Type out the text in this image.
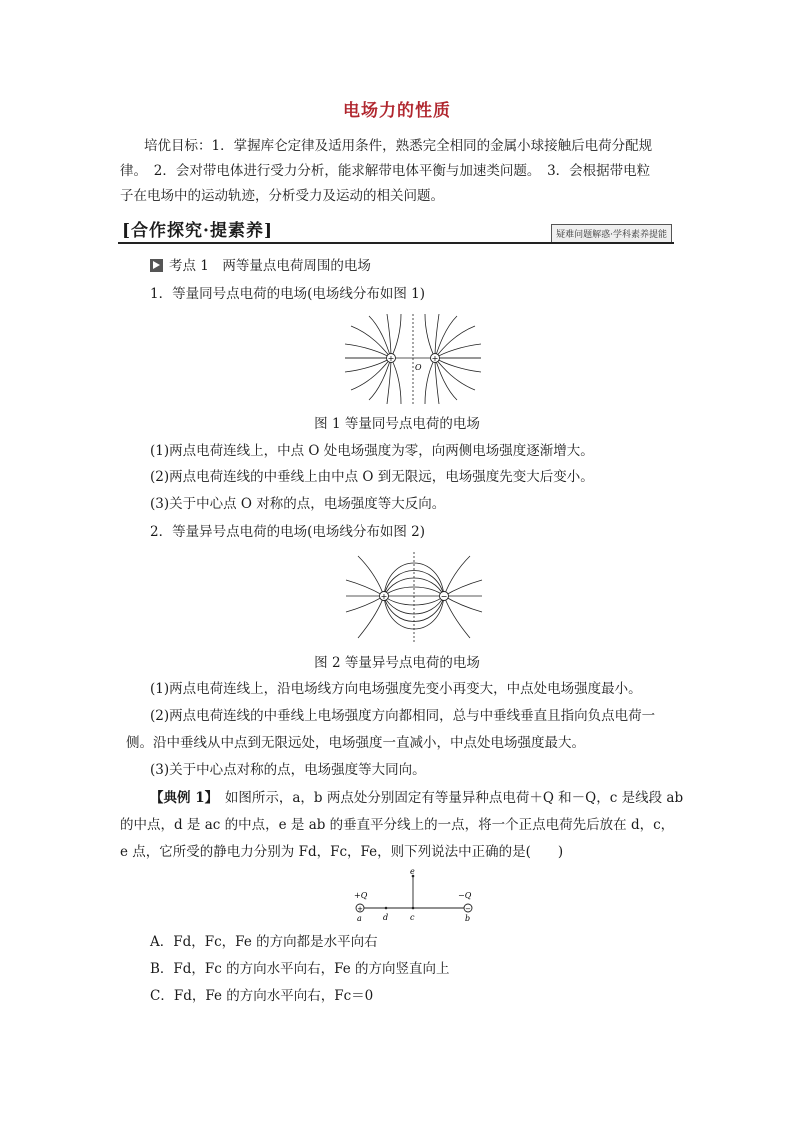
电场力的性质
培优目标：1．掌握库仑定律及适用条件，熟悉完全相同的金属小球接触后电荷分配规
律。　2．会对带电体进行受力分析，能求解带电体平衡与加速类问题。　3．会根据带电粒
子在电场中的运动轨迹，分析受力及运动的相关问题。
[合作探究·提素养]	疑难问题解惑·学科素养提能
考点 1　两等量点电荷周围的电场
1．等量同号点电荷的电场(电场线分布如图 1)
+	+
O
图 1 等量同号点电荷的电场
(1)两点电荷连线上，中点 O 处电场强度为零，向两侧电场强度逐渐增大。
(2)两点电荷连线的中垂线上由中点 O 到无限远，电场强度先变大后变小。
(3)关于中心点 O 对称的点，电场强度等大反向。
2．等量异号点电荷的电场(电场线分布如图 2)
+	−
图 2 等量异号点电荷的电场
(1)两点电荷连线上，沿电场线方向电场强度先变小再变大，中点处电场强度最小。
(2)两点电荷连线的中垂线上电场强度方向都相同，总与中垂线垂直且指向负点电荷一
侧。沿中垂线从中点到无限远处，电场强度一直减小，中点处电场强度最大。
(3)关于中心点对称的点，电场强度等大同向。
【典例 1】　如图所示，a，b 两点处分别固定有等量异种点电荷＋Q 和－Q，c 是线段 ab
的中点，d 是 ac 的中点，e 是 ab 的垂直平分线上的一点，将一个正点电荷先后放在 d，c，
e 点，它所受的静电力分别为 Fd，Fc，Fe，则下列说法中正确的是(　　)
+	−
+Q	−Q
a	b
c
d
e
A．Fd，Fc，Fe 的方向都是水平向右
B．Fd，Fc 的方向水平向右，Fe 的方向竖直向上
C．Fd，Fe 的方向水平向右，Fc＝0
